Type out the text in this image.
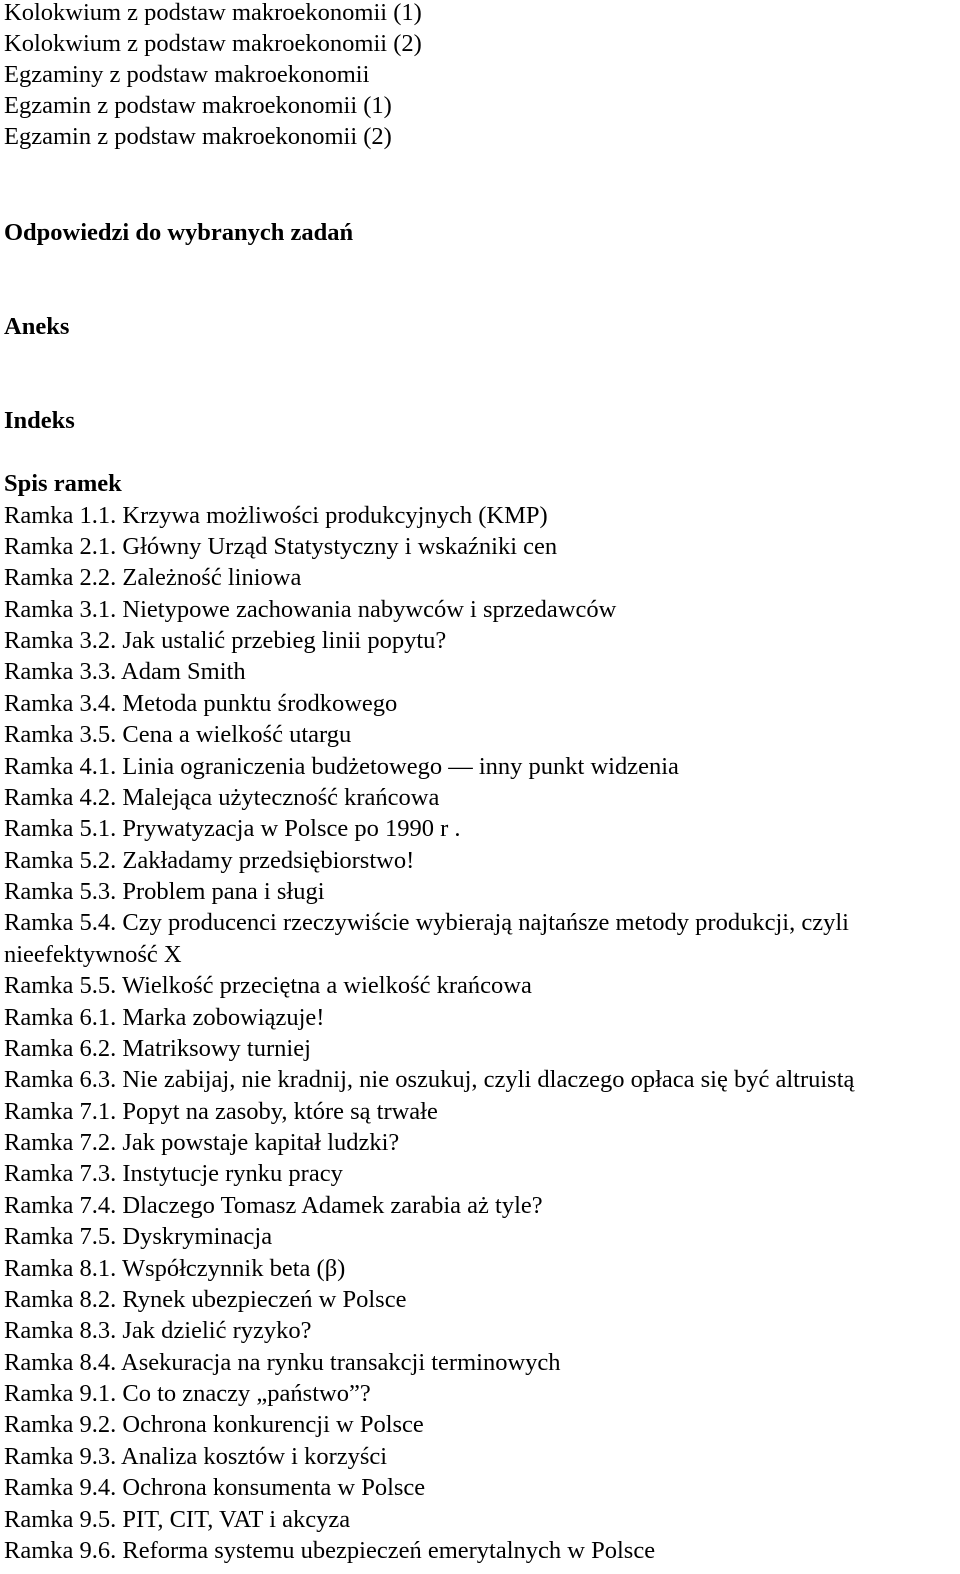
Kolokwium z podstaw makroekonomii (1)
Kolokwium z podstaw makroekonomii (2)
Egzaminy z podstaw makroekonomii
Egzamin z podstaw makroekonomii (1)
Egzamin z podstaw makroekonomii (2)
Odpowiedzi do wybranych zadań
Aneks
Indeks
Spis ramek
Ramka 1.1. Krzywa możliwości produkcyjnych (KMP)
Ramka 2.1. Główny Urząd Statystyczny i wskaźniki cen
Ramka 2.2. Zależność liniowa
Ramka 3.1. Nietypowe zachowania nabywców i sprzedawców
Ramka 3.2. Jak ustalić przebieg linii popytu?
Ramka 3.3. Adam Smith
Ramka 3.4. Metoda punktu środkowego
Ramka 3.5. Cena a wielkość utargu
Ramka 4.1. Linia ograniczenia budżetowego — inny punkt widzenia
Ramka 4.2. Malejąca użyteczność krańcowa
Ramka 5.1. Prywatyzacja w Polsce po 1990 r .
Ramka 5.2. Zakładamy przedsiębiorstwo!
Ramka 5.3. Problem pana i sługi
Ramka 5.4. Czy producenci rzeczywiście wybierają najtańsze metody produkcji, czyli nieefektywność X
Ramka 5.5. Wielkość przeciętna a wielkość krańcowa
Ramka 6.1. Marka zobowiązuje!
Ramka 6.2. Matriksowy turniej
Ramka 6.3. Nie zabijaj, nie kradnij, nie oszukuj, czyli dlaczego opłaca się być altruistą
Ramka 7.1. Popyt na zasoby, które są trwałe
Ramka 7.2. Jak powstaje kapitał ludzki?
Ramka 7.3. Instytucje rynku pracy
Ramka 7.4. Dlaczego Tomasz Adamek zarabia aż tyle?
Ramka 7.5. Dyskryminacja
Ramka 8.1. Współczynnik beta (β)
Ramka 8.2. Rynek ubezpieczeń w Polsce
Ramka 8.3. Jak dzielić ryzyko?
Ramka 8.4. Asekuracja na rynku transakcji terminowych
Ramka 9.1. Co to znaczy „państwo”?
Ramka 9.2. Ochrona konkurencji w Polsce
Ramka 9.3. Analiza kosztów i korzyści
Ramka 9.4. Ochrona konsumenta w Polsce
Ramka 9.5. PIT, CIT, VAT i akcyza
Ramka 9.6. Reforma systemu ubezpieczeń emerytalnych w Polsce
